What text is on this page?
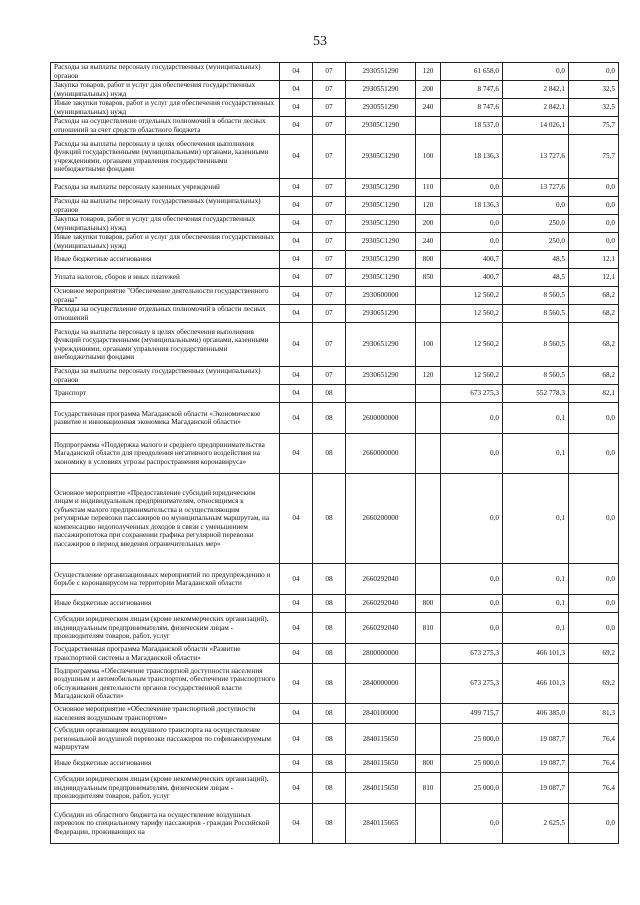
53
Расходы на выплаты персоналу государственных (муниципальных) органов	04	07	2930551290	120	61 658,0	0,0	0,0
Закупка товаров, работ и услуг для обеспечения государственных (муниципальных) нужд	04	07	2930551290	200	8 747,6	2 842,1	32,5
Иные закупки товаров, работ и услуг для обеспечения государственных (муниципальных) нужд	04	07	2930551290	240	8 747,6	2 842,1	32,5
Расходы на осуществление отдельных полномочий в области лесных отношений за счет средств областного бюджета	04	07	29305С1290		18 537,0	14 026,1	75,7
Расходы на выплаты персоналу в целях обеспечения выполнения функций государственными (муниципальными) органами, казенными учреждениями, органами управления государственными внебюджетными фондами	04	07	29305С1290	100	18 136,3	13 727,6	75,7
Расходы на выплаты персоналу казенных учреждений	04	07	29305С1290	110	0,0	13 727,6	0,0
Расходы на выплаты персоналу государственных (муниципальных) органов	04	07	29305С1290	120	18 136,3	0,0	0,0
Закупка товаров, работ и услуг для обеспечения государственных (муниципальных) нужд	04	07	29305С1290	200	0,0	250,0	0,0
Иные закупки товаров, работ и услуг для обеспечения государственных (муниципальных) нужд	04	07	29305С1290	240	0,0	250,0	0,0
Иные бюджетные ассигнования	04	07	29305С1290	800	400,7	48,5	12,1
Уплата налогов, сборов и иных платежей	04	07	29305С1290	850	400,7	48,5	12,1
Основное мероприятие "Обеспечение деятельности государственного органа"	04	07	2930600000		12 560,2	8 560,5	68,2
Расходы на осуществление отдельных полномочий в области лесных отношений	04	07	2930651290		12 560,2	8 560,5	68,2
Расходы на выплаты персоналу в целях обеспечения выполнения функций государственными (муниципальными) органами, казенными учреждениями, органами управления государственными внебюджетными фондами	04	07	2930651290	100	12 560,2	8 560,5	68,2
Расходы на выплаты персоналу государственных (муниципальных) органов	04	07	2930651290	120	12 560,2	8 560,5	68,2
Транспорт	04	08			673 275,3	552 778,3	82,1
Государственная программа Магаданской области «Экономическое развитие и инновационная экономика Магаданской области»	04	08	2600000000		0,0	0,1	0,0
Подпрограмма «Поддержка малого и среднего предпринимательства Магаданской области для преодоления негативного воздействия на экономику в условиях угрозы распространения коронавируса»	04	08	2660000000		0,0	0,1	0,0
Основное мероприятие «Предоставление субсидий юридическим лицам и индивидуальным предпринимателям, относящимся к субъектам малого предпринимательства и осуществляющим регулярные перевозки пассажиров по муниципальным маршрутам, на компенсацию недополученных доходов в связи с уменьшением пассажиропотока при сохранении графика регулярной перевозки пассажиров в период введения ограничительных мер»	04	08	2660200000		0,0	0,1	0,0
Осуществление организационных мероприятий по предупреждению и борьбе с коронавирусом на территории Магаданской области	04	08	2660292040		0,0	0,1	0,0
Иные бюджетные ассигнования	04	08	2660292040	800	0,0	0,1	0,0
Субсидии юридическим лицам (кроме некоммерческих организаций), индивидуальным предпринимателям, физическим лицам - производителям товаров, работ, услуг	04	08	2660292040	810	0,0	0,1	0,0
Государственная программа Магаданской области «Развитие транспортной системы в Магаданской области»	04	08	2800000000		673 275,3	466 101,3	69,2
Подпрограмма «Обеспечение транспортной доступности населения воздушным и автомобильным транспортом, обеспечение транспортного обслуживания деятельности органов государственной власти Магаданской области»	04	08	2840000000		673 275,3	466 101,3	69,2
Основное мероприятие «Обеспечение транспортной доступности населения воздушным транспортом»	04	08	2840100000		499 715,7	406 385,0	81,3
Субсидии организациям воздушного транспорта на осуществление региональной воздушной перевозки пассажиров по софинансируемым маршрутам	04	08	2840115650		25 000,0	19 087,7	76,4
Иные бюджетные ассигнования	04	08	2840115650	800	25 000,0	19 087,7	76,4
Субсидии юридическим лицам (кроме некоммерческих организаций), индивидуальным предпринимателям, физическим лицам - производителям товаров, работ, услуг	04	08	2840115650	810	25 000,0	19 087,7	76,4
Субсидии из областного бюджета на осуществление воздушных перевозок по специальному тарифу пассажиров - граждан Российской Федерации, проживающих на	04	08	2840115665		0,0	2 625,5	0,0
